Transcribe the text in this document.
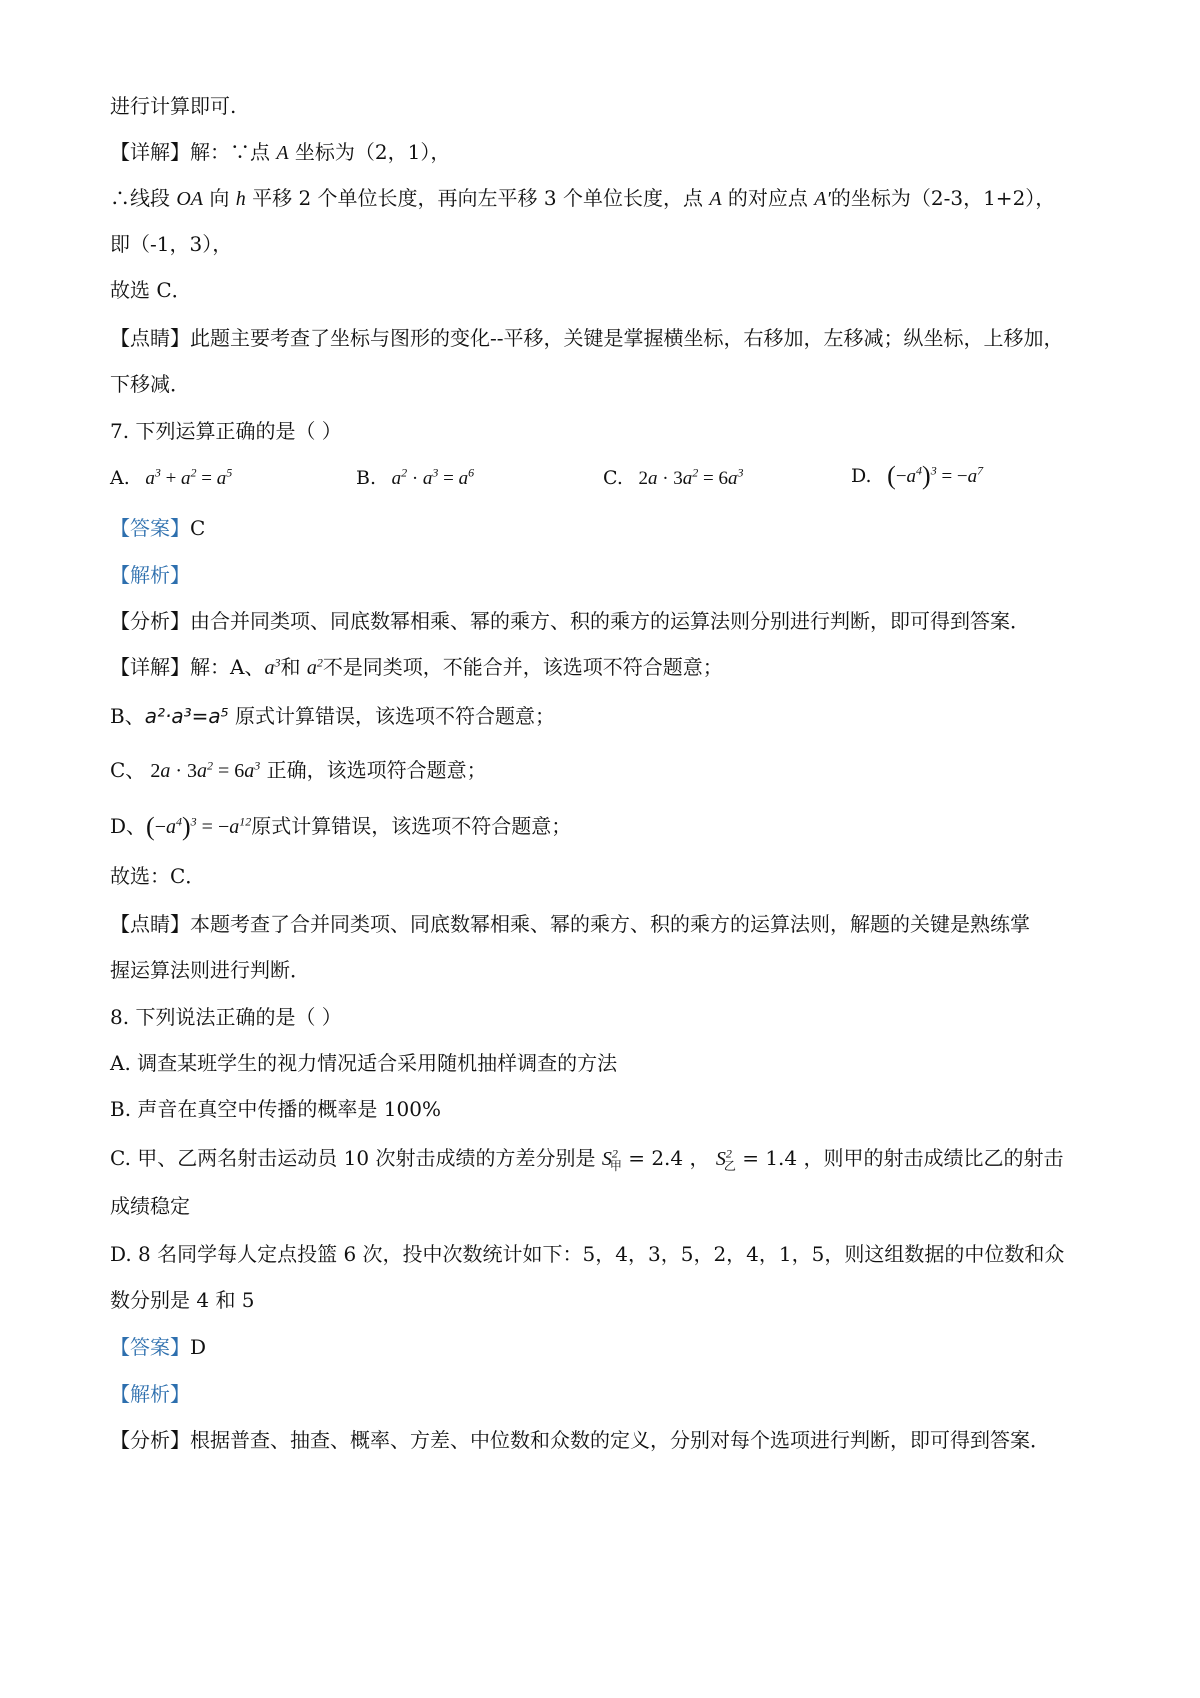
进行计算即可.
【详解】解：∵点 A 坐标为（2，1），
∴线段 OA 向 h 平移 2 个单位长度，再向左平移 3 个单位长度，点 A 的对应点 A′的坐标为（2-3，1+2），
即（-1，3），
故选 C．
【点睛】此题主要考查了坐标与图形的变化--平移，关键是掌握横坐标，右移加，左移减；纵坐标，上移加，
下移减．
7. 下列运算正确的是（ ）
A.   $a^3 + a^2 = a^5$	B.   $a^2 \cdot a^3 = a^6$	C. $2a \cdot 3a^2 = 6a^3$	D. $(-a^4)^3 = -a^7$
【答案】C
【解析】
【分析】由合并同类项、同底数幂相乘、幂的乘方、积的乘方的运算法则分别进行判断，即可得到答案．
【详解】解：A、$a^3$和 $a^2$不是同类项，不能合并，该选项不符合题意；
B、a²·a³=a⁵ 原式计算错误，该选项不符合题意；
C、 $2a \cdot 3a^2 = 6a^3$ 正确，该选项符合题意；
D、$(-a^4)^3 = -a^{12}$原式计算错误，该选项不符合题意；
故选：C．
【点睛】本题考查了合并同类项、同底数幂相乘、幂的乘方、积的乘方的运算法则，解题的关键是熟练掌
握运算法则进行判断．
8. 下列说法正确的是（ ）
A. 调查某班学生的视力情况适合采用随机抽样调查的方法
B. 声音在真空中传播的概率是 100%
C. 甲、乙两名射击运动员 10 次射击成绩的方差分别是 $S^2_甲 = 2.4$ ， $S^2_乙 = 1.4$ ，则甲的射击成绩比乙的射击
成绩稳定
D. 8 名同学每人定点投篮 6 次，投中次数统计如下：5，4，3，5，2，4，1，5，则这组数据的中位数和众
数分别是 4 和 5
【答案】D
【解析】
【分析】根据普查、抽查、概率、方差、中位数和众数的定义，分别对每个选项进行判断，即可得到答案．
